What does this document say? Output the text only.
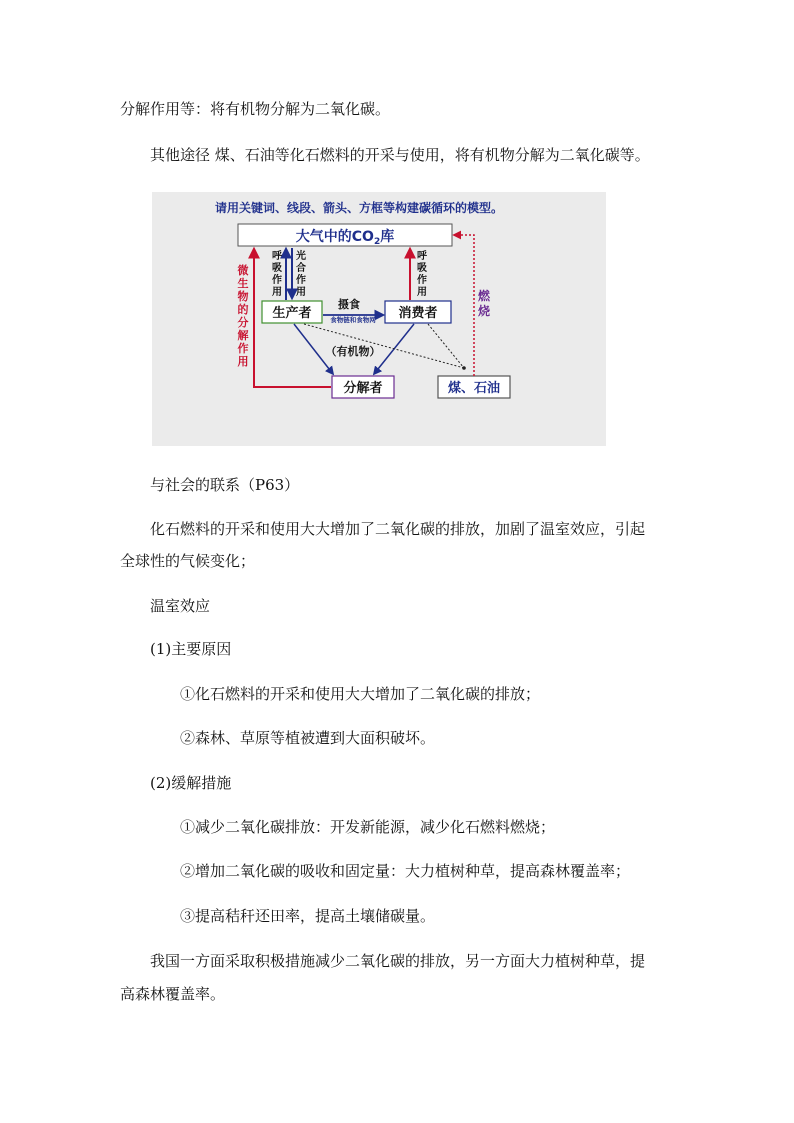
分解作用等：将有机物分解为二氧化碳。
其他途径 煤、石油等化石燃料的开采与使用，将有机物分解为二氧化碳等。
请用关键词、线段、箭头、方框等构建碳循环的模型。
大气中的$CO_2$库
生产者	消费者
分解者	煤、石油
呼
吸
作
用
光
合
作
用
呼
吸
作
用
微
生
物
的
分
解
作
用
燃
烧
摄食
食物链和食物网
（有机物）
与社会的联系（P63）
化石燃料的开采和使用大大增加了二氧化碳的排放，加剧了温室效应，引起
全球性的气候变化；
温室效应
(1)主要原因
①化石燃料的开采和使用大大增加了二氧化碳的排放；
②森林、草原等植被遭到大面积破坏。
(2)缓解措施
①减少二氧化碳排放：开发新能源，减少化石燃料燃烧；
②增加二氧化碳的吸收和固定量：大力植树种草，提高森林覆盖率；
③提高秸秆还田率，提高土壤储碳量。
我国一方面采取积极措施减少二氧化碳的排放，另一方面大力植树种草，提
高森林覆盖率。
